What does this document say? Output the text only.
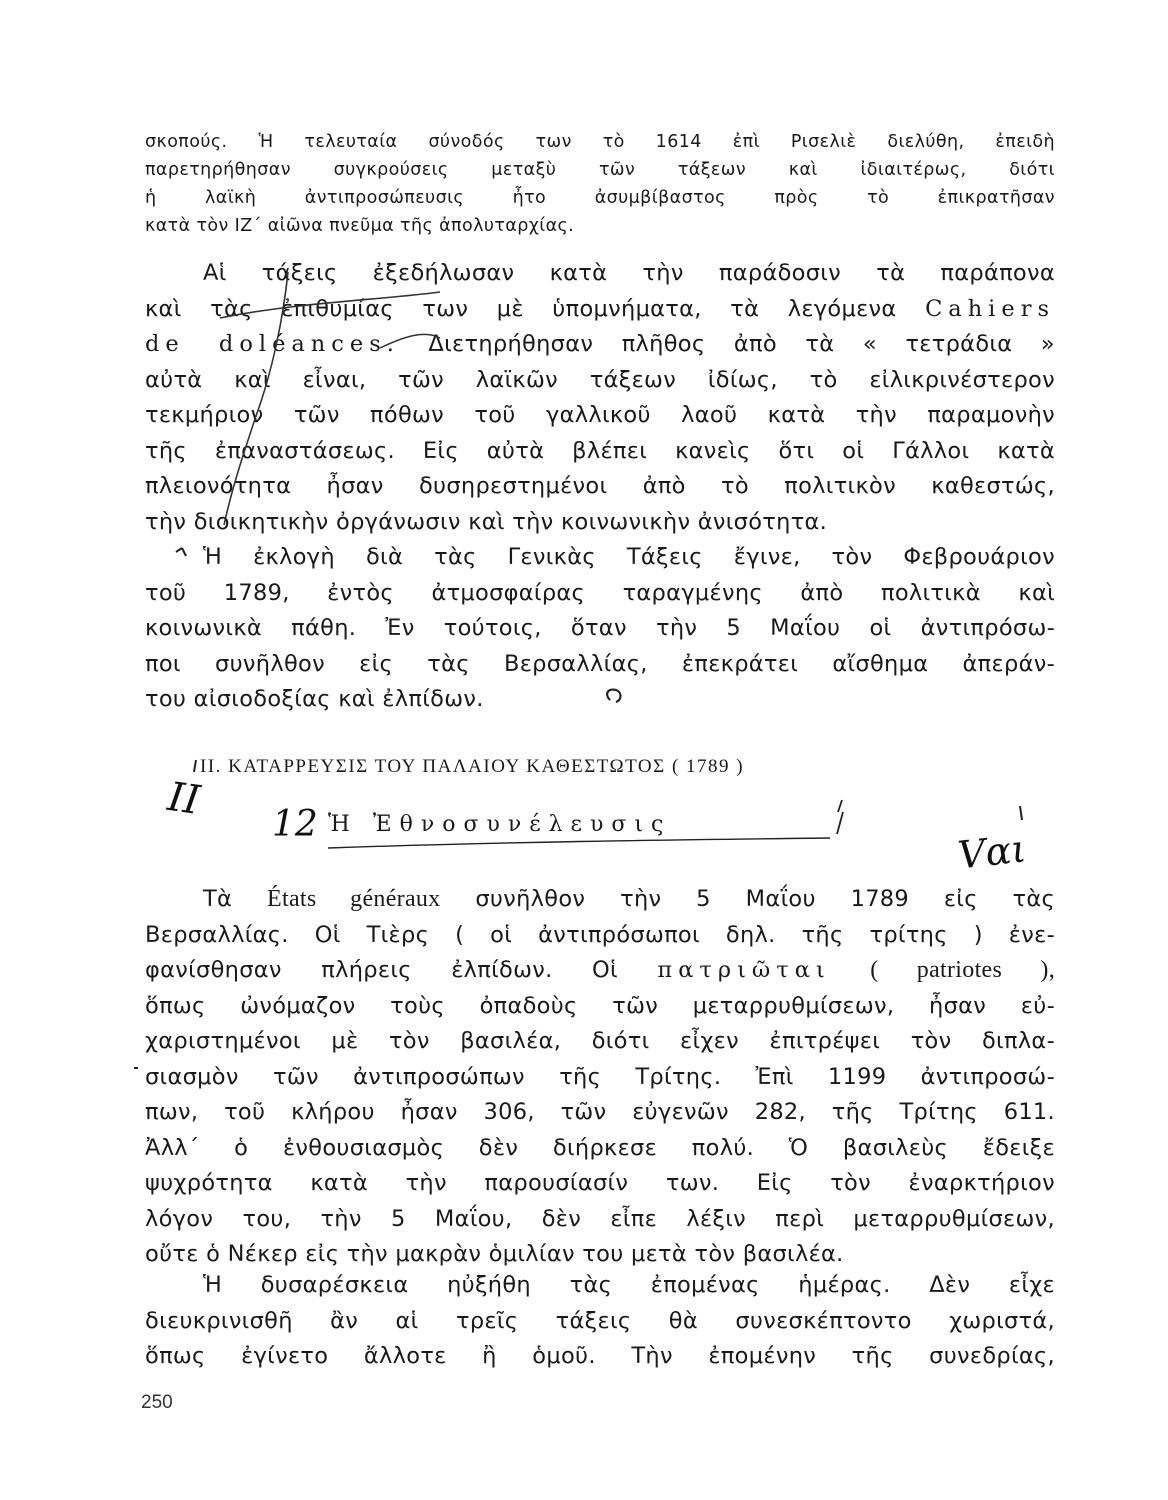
σκοπούς. Ἡ τελευταία σύνοδός των τὸ 1614 ἐπὶ Ρισελιὲ διελύθη, ἐπειδὴ
παρετηρήθησαν συγκρούσεις μεταξὺ τῶν τάξεων καὶ ἰδιαιτέρως, διότι
ἡ λαϊκὴ ἀντιπροσώπευσις ἦτο ἀσυμβίβαστος πρὸς τὸ ἐπικρατῆσαν
κατὰ τὸν ΙΖ΄ αἰῶνα πνεῦμα τῆς ἀπολυταρχίας.
Αἱ τάξεις ἐξεδήλωσαν κατὰ τὴν παράδοσιν τὰ παράπονα
καὶ τὰς ἐπιθυμίας των μὲ ὑπομνήματα, τὰ λεγόμενα Cahiers
de doléances. Διετηρήθησαν πλῆθος ἀπὸ τὰ « τετράδια »
αὐτὰ καὶ εἶναι, τῶν λαϊκῶν τάξεων ἰδίως, τὸ εἰλικρινέστερον
τεκμήριον τῶν πόθων τοῦ γαλλικοῦ λαοῦ κατὰ τὴν παραμονὴν
τῆς ἐπαναστάσεως. Εἰς αὐτὰ βλέπει κανεὶς ὅτι οἱ Γάλλοι κατὰ
πλειονότητα ἦσαν δυσηρεστημένοι ἀπὸ τὸ πολιτικὸν καθεστώς,
τὴν διοικητικὴν ὀργάνωσιν καὶ τὴν κοινωνικὴν ἀνισότητα.
Ἡ ἐκλογὴ διὰ τὰς Γενικὰς Τάξεις ἔγινε, τὸν Φεβρουάριον
τοῦ 1789, ἐντὸς ἀτμοσφαίρας ταραγμένης ἀπὸ πολιτικὰ καὶ
κοινωνικὰ πάθη. Ἐν τούτοις, ὅταν τὴν 5 Μαΐου οἱ ἀντιπρόσω-
ποι συνῆλθον εἰς τὰς Βερσαλλίας, ἐπεκράτει αἴσθημα ἀπεράν-
του αἰσιοδοξίας καὶ ἐλπίδων.
II. ΚΑΤΑΡΡΕΥΣΙΣ ΤΟΥ ΠΑΛΑΙΟΥ ΚΑΘΕΣΤΩΤΟΣ ( 1789 )
Ἡ Ἐθνοσυνέλευσις
Τὰ États généraux συνῆλθον τὴν 5 Μαΐου 1789 εἰς τὰς
Βερσαλλίας. Οἱ Τιὲρς ( οἱ ἀντιπρόσωποι δηλ. τῆς τρίτης ) ἐνε-
φανίσθησαν πλήρεις ἐλπίδων. Οἱ πατριῶται ( patriotes ),
ὅπως ὠνόμαζον τοὺς ὀπαδοὺς τῶν μεταρρυθμίσεων, ἦσαν εὐ-
χαριστημένοι μὲ τὸν βασιλέα, διότι εἶχεν ἐπιτρέψει τὸν διπλα-
σιασμὸν τῶν ἀντιπροσώπων τῆς Τρίτης. Ἐπὶ 1199 ἀντιπροσώ-
πων, τοῦ κλήρου ἦσαν 306, τῶν εὐγενῶν 282, τῆς Τρίτης 611.
Ἀλλ΄ ὁ ἐνθουσιασμὸς δὲν διήρκεσε πολύ. Ὁ βασιλεὺς ἔδειξε
ψυχρότητα κατὰ τὴν παρουσίασίν των. Εἰς τὸν ἐναρκτήριον
λόγον του, τὴν 5 Μαΐου, δὲν εἶπε λέξιν περὶ μεταρρυθμίσεων,
οὔτε ὁ Νέκερ εἰς τὴν μακρὰν ὁμιλίαν του μετὰ τὸν βασιλέα.
Ἡ δυσαρέσκεια ηὐξήθη τὰς ἐπομένας ἡμέρας. Δὲν εἶχε
διευκρινισθῆ ἂν αἱ τρεῖς τάξεις θὰ συνεσκέπτοντο χωριστά,
ὅπως ἐγίνετο ἄλλοτε ἢ ὁμοῦ. Τὴν ἐπομένην τῆς συνεδρίας,
250
II
12
Vαι
